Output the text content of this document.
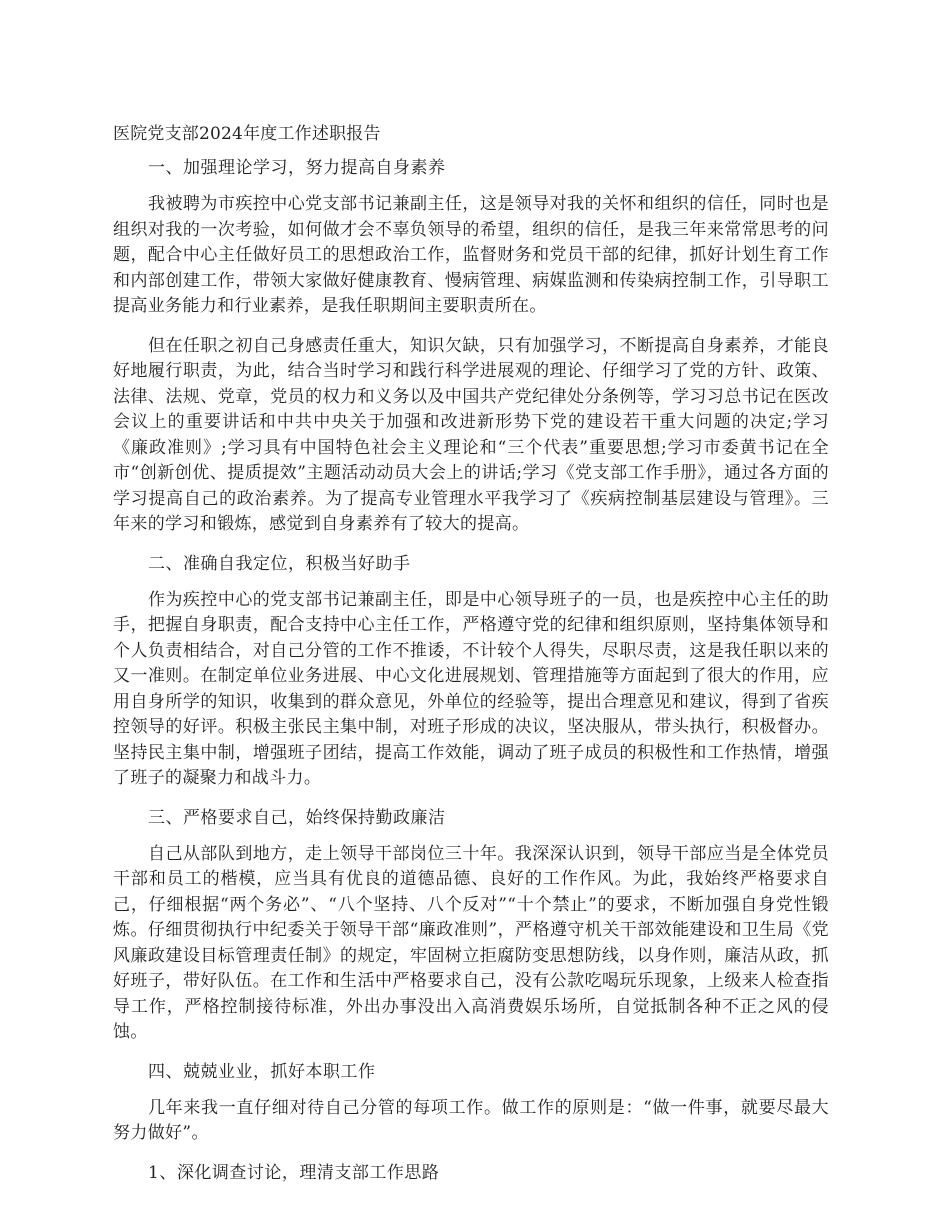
医院党支部2024年度工作述职报告
一、加强理论学习，努力提高自身素养
我被聘为市疾控中心党支部书记兼副主任，这是领导对我的关怀和组织的信任，同时也是组织对我的一次考验，如何做才会不辜负领导的希望，组织的信任，是我三年来常常思考的问题，配合中心主任做好员工的思想政治工作，监督财务和党员干部的纪律，抓好计划生育工作和内部创建工作，带领大家做好健康教育、慢病管理、病媒监测和传染病控制工作，引导职工提高业务能力和行业素养，是我任职期间主要职责所在。
但在任职之初自己身感责任重大，知识欠缺，只有加强学习，不断提高自身素养，才能良好地履行职责，为此，结合当时学习和践行科学进展观的理论、仔细学习了党的方针、政策、法律、法规、党章，党员的权力和义务以及中国共产党纪律处分条例等，学习习总书记在医改会议上的重要讲话和中共中央关于加强和改进新形势下党的建设若干重大问题的决定;学习《廉政准则》;学习具有中国特色社会主义理论和“三个代表”重要思想;学习市委黄书记在全市“创新创优、提质提效”主题活动动员大会上的讲话;学习《党支部工作手册》，通过各方面的学习提高自己的政治素养。为了提高专业管理水平我学习了《疾病控制基层建设与管理》。三年来的学习和锻炼，感觉到自身素养有了较大的提高。
二、准确自我定位，积极当好助手
作为疾控中心的党支部书记兼副主任，即是中心领导班子的一员，也是疾控中心主任的助手，把握自身职责，配合支持中心主任工作，严格遵守党的纪律和组织原则，坚持集体领导和个人负责相结合，对自己分管的工作不推诿，不计较个人得失，尽职尽责，这是我任职以来的又一准则。在制定单位业务进展、中心文化进展规划、管理措施等方面起到了很大的作用，应用自身所学的知识，收集到的群众意见，外单位的经验等，提出合理意见和建议，得到了省疾控领导的好评。积极主张民主集中制，对班子形成的决议，坚决服从，带头执行，积极督办。坚持民主集中制，增强班子团结，提高工作效能，调动了班子成员的积极性和工作热情，增强了班子的凝聚力和战斗力。
三、严格要求自己，始终保持勤政廉洁
自己从部队到地方，走上领导干部岗位三十年。我深深认识到，领导干部应当是全体党员干部和员工的楷模，应当具有优良的道德品德、良好的工作作风。为此，我始终严格要求自己，仔细根据“两个务必”、“八个坚持、八个反对”“十个禁止”的要求，不断加强自身党性锻炼。仔细贯彻执行中纪委关于领导干部“廉政准则”，严格遵守机关干部效能建设和卫生局《党风廉政建设目标管理责任制》的规定，牢固树立拒腐防变思想防线，以身作则，廉洁从政，抓好班子，带好队伍。在工作和生活中严格要求自己，没有公款吃喝玩乐现象，上级来人检查指导工作，严格控制接待标准，外出办事没出入高消费娱乐场所，自觉抵制各种不正之风的侵蚀。
四、兢兢业业，抓好本职工作
几年来我一直仔细对待自己分管的每项工作。做工作的原则是：“做一件事，就要尽最大努力做好”。
1、深化调查讨论，理清支部工作思路
